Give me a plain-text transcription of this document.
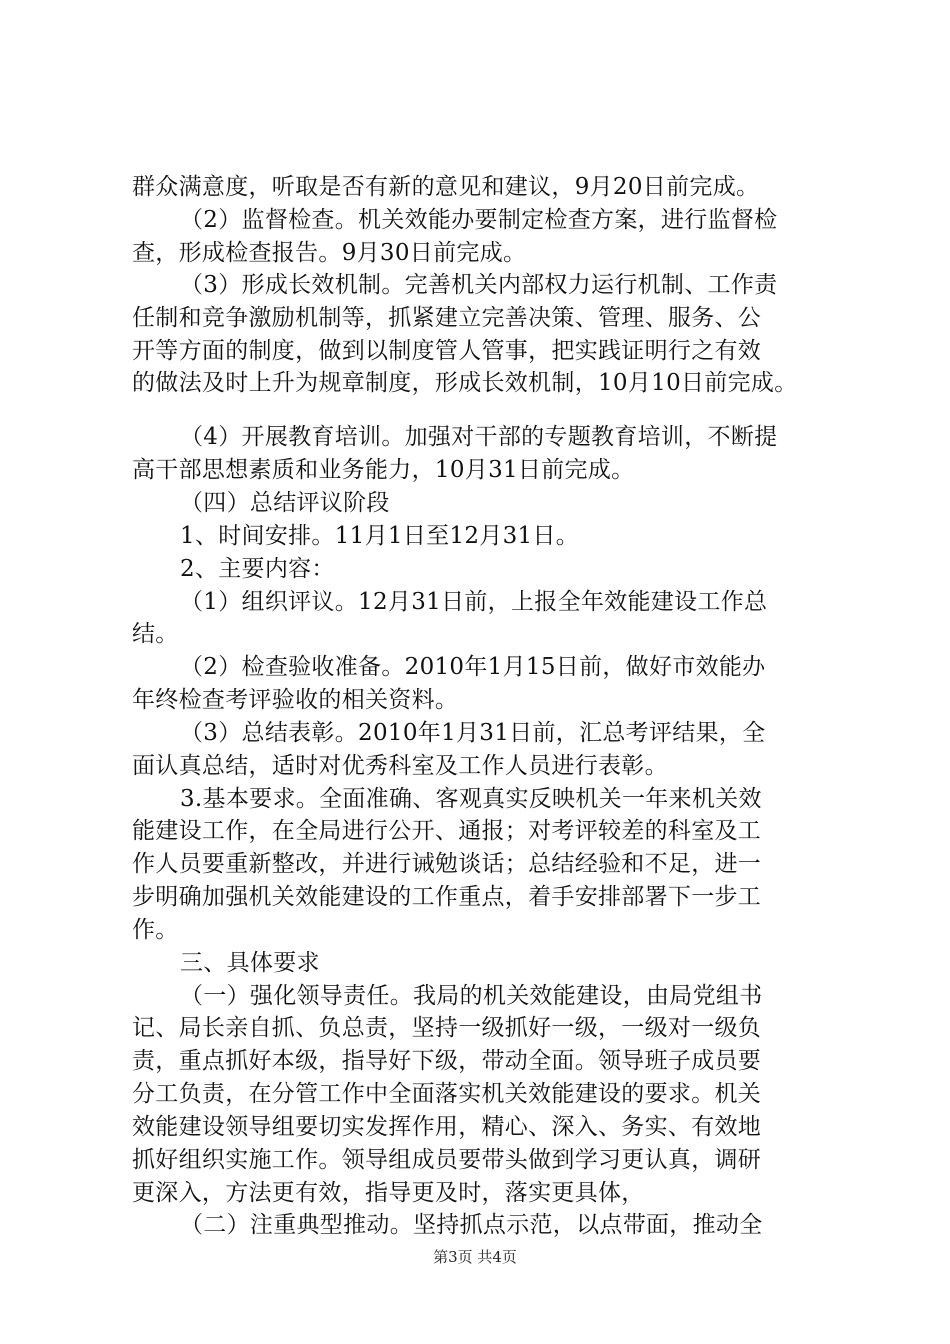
群众满意度，听取是否有新的意见和建议，9月20日前完成。
（2）监督检查。机关效能办要制定检查方案，进行监督检
查，形成检查报告。9月30日前完成。
（3）形成长效机制。完善机关内部权力运行机制、工作责
任制和竞争激励机制等，抓紧建立完善决策、管理、服务、公
开等方面的制度，做到以制度管人管事，把实践证明行之有效
的做法及时上升为规章制度，形成长效机制，10月10日前完成。
（4）开展教育培训。加强对干部的专题教育培训，不断提
高干部思想素质和业务能力，10月31日前完成。
（四）总结评议阶段
1、时间安排。11月1日至12月31日。
2、主要内容：
（1）组织评议。12月31日前，上报全年效能建设工作总
结。
（2）检查验收准备。2010年1月15日前，做好市效能办
年终检查考评验收的相关资料。
（3）总结表彰。2010年1月31日前，汇总考评结果，全
面认真总结，适时对优秀科室及工作人员进行表彰。
3.基本要求。全面准确、客观真实反映机关一年来机关效
能建设工作，在全局进行公开、通报；对考评较差的科室及工
作人员要重新整改，并进行诫勉谈话；总结经验和不足，进一
步明确加强机关效能建设的工作重点，着手安排部署下一步工
作。
三、具体要求
（一）强化领导责任。我局的机关效能建设，由局党组书
记、局长亲自抓、负总责，坚持一级抓好一级，一级对一级负
责，重点抓好本级，指导好下级，带动全面。领导班子成员要
分工负责，在分管工作中全面落实机关效能建设的要求。机关
效能建设领导组要切实发挥作用，精心、深入、务实、有效地
抓好组织实施工作。领导组成员要带头做到学习更认真，调研
更深入，方法更有效，指导更及时，落实更具体，
（二）注重典型推动。坚持抓点示范，以点带面，推动全
第3页 共4页
